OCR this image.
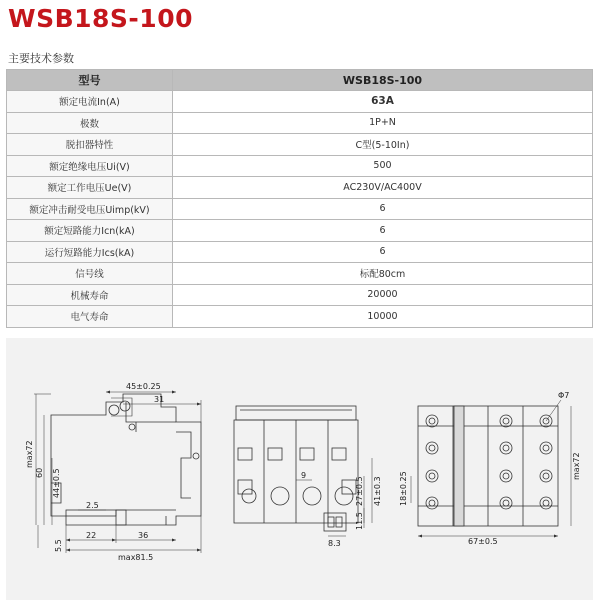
WSB18S-100
主要技术参数
型号	WSB18S-100
额定电流In(A)	63A
极数	1P+N
脱扣器特性	C型(5-10In)
额定绝缘电压Ui(V)	500
额定工作电压Ue(V)	AC230V/AC400V
额定冲击耐受电压Uimp(kV)	6
额定短路能力Icn(kA)	6
运行短路能力Ics(kA)	6
信号线	标配80cm
机械寿命	20000
电气寿命	10000
45±0.25
31
max72
60 44±0.5
5.5
2.5
22	36
max81.5
9
27±0.5 41±0.3
11.5
8.3
Φ7
max72
18±0.25
67±0.5
